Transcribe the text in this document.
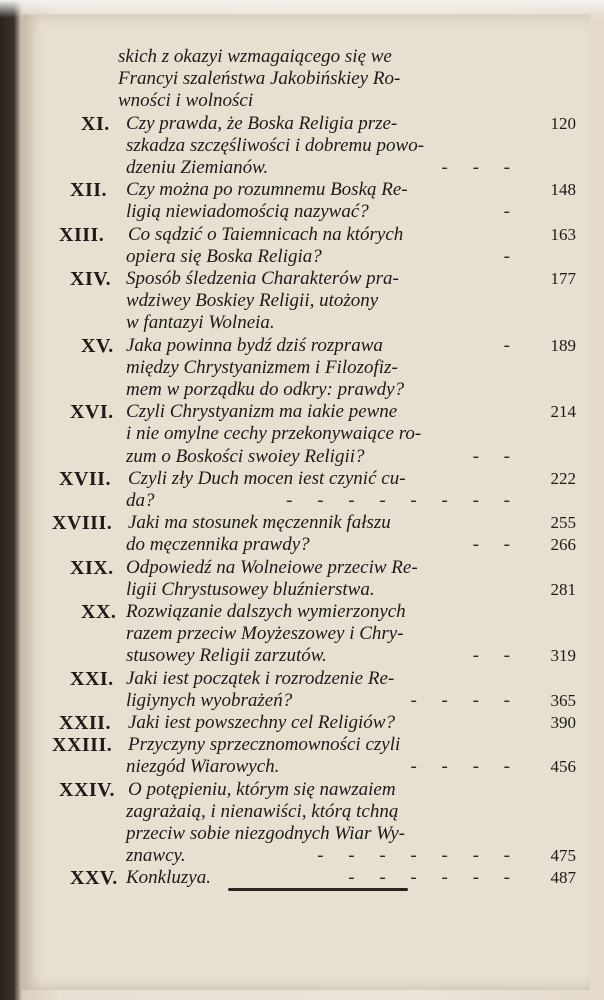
skich z okazyi wzmagaiącego się we
Francyi szaleństwa Jakobińskiey Ro-
wności i wolności
XI. Czy prawda, że Boska Religia prze-	120
szkadza szczęśliwości i dobremu powo-
dzeniu Ziemianów.	- - -
XII. Czy można po rozumnemu Boską Re-	148
ligią niewiadomością nazywać?	-
XIII. Co sądzić o Taiemnicach na których	163
opiera się Boska Religia?	-
XIV. Sposób śledzenia Charakterów pra-	177
wdziwey Boskiey Religii, utożony
w fantazyi Wolneia.
XV. Jaka powinna bydź dziś rozprawa	- 189
między Chrystyanizmem i Filozofiz-
mem w porządku do odkry: prawdy?
XVI. Czyli Chrystyanizm ma iakie pewne	214
i nie omylne cechy przekonywaiące ro-
zum o Boskości swoiey Religii?	- -
XVII. Czyli zły Duch mocen iest czynić cu-	222
da?	- - - - - - - -
XVIII. Jaki ma stosunek męczennik fałszu	255
do męczennika prawdy?	- - 266
XIX. Odpowiedź na Wolneiowe przeciw Re-
ligii Chrystusowey bluźnierstwa.	281
XX. Rozwiązanie dalszych wymierzonych
razem przeciw Moyżeszowey i Chry-
stusowey Religii zarzutów.	- - 319
XXI. Jaki iest początek i rozrodzenie Re-
ligiynych wyobrażeń?	- - - - 365
XXII. Jaki iest powszechny cel Religiów?	390
XXIII. Przyczyny sprzecznomowności czyli
niezgód Wiarowych.	- - - - 456
XXIV. O potępieniu, którym się nawzaiem
zagrażaią, i nienawiści, którą tchną
przeciw sobie niezgodnych Wiar Wy-
znawcy.	- - - - - - - 475
XXV. Konkluzya.	- - - - - - 487
